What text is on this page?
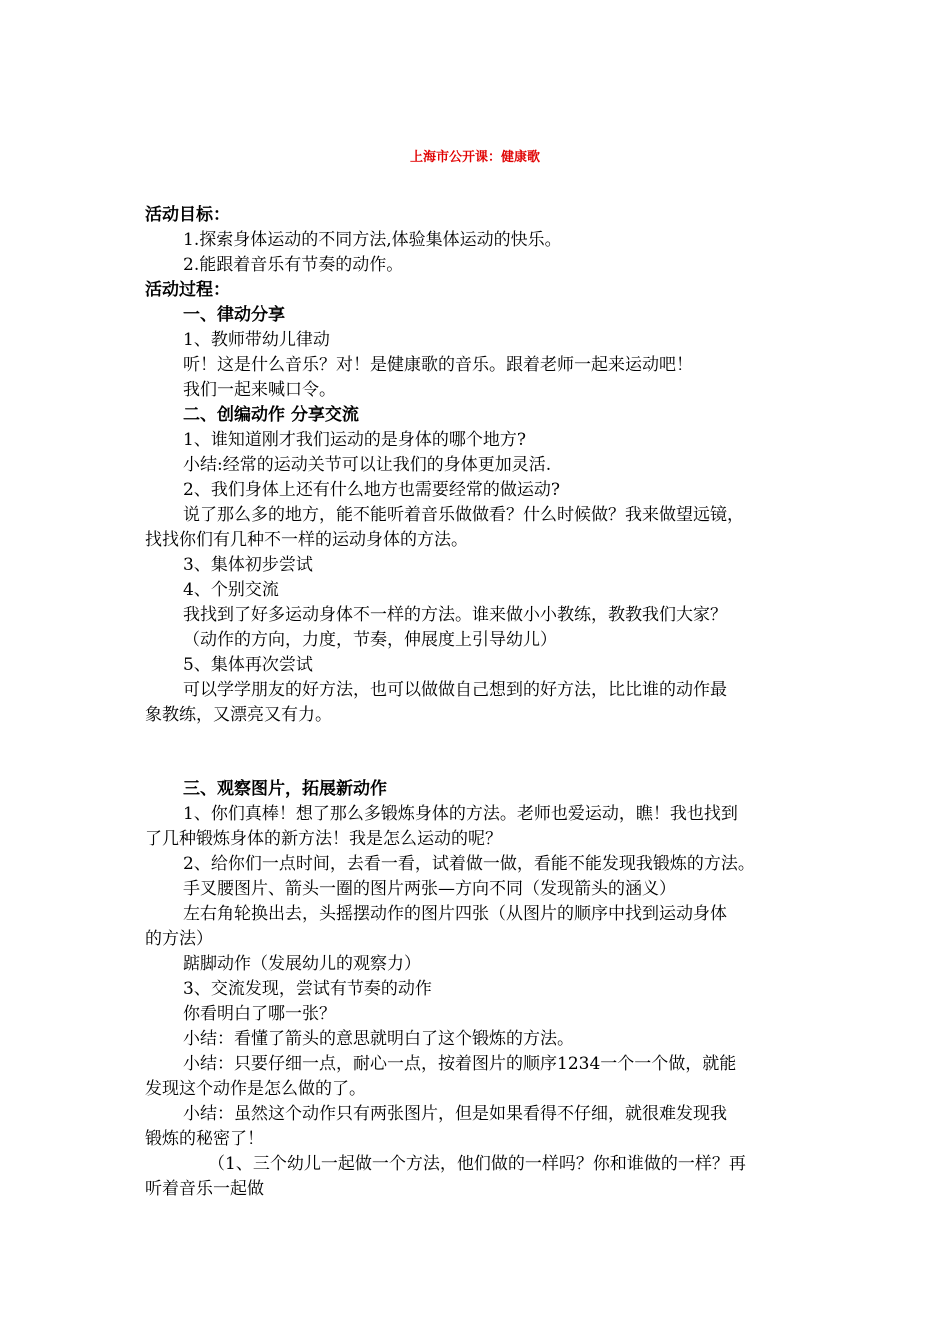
上海市公开课：健康歌
活动目标：
1.探索身体运动的不同方法,体验集体运动的快乐。
2.能跟着音乐有节奏的动作。
活动过程：
一、律动分享
1、教师带幼儿律动
听！这是什么音乐？对！是健康歌的音乐。跟着老师一起来运动吧！
我们一起来喊口令。
二、创编动作 分享交流
1、谁知道刚才我们运动的是身体的哪个地方?
小结:经常的运动关节可以让我们的身体更加灵活.
2、我们身体上还有什么地方也需要经常的做运动?
说了那么多的地方，能不能听着音乐做做看？什么时候做？我来做望远镜，
找找你们有几种不一样的运动身体的方法。
3、集体初步尝试
4、个别交流
我找到了好多运动身体不一样的方法。谁来做小小教练，教教我们大家？
（动作的方向，力度，节奏，伸展度上引导幼儿）
5、集体再次尝试
可以学学朋友的好方法，也可以做做自己想到的好方法，比比谁的动作最
象教练，又漂亮又有力。
三、观察图片，拓展新动作
1、你们真棒！想了那么多锻炼身体的方法。老师也爱运动，瞧！我也找到
了几种锻炼身体的新方法！我是怎么运动的呢？
2、给你们一点时间，去看一看，试着做一做，看能不能发现我锻炼的方法。
手叉腰图片、箭头一圈的图片两张—方向不同（发现箭头的涵义）
左右角轮换出去，头摇摆动作的图片四张（从图片的顺序中找到运动身体
的方法）
踮脚动作（发展幼儿的观察力）
3、交流发现，尝试有节奏的动作
你看明白了哪一张？
小结：看懂了箭头的意思就明白了这个锻炼的方法。
小结：只要仔细一点，耐心一点，按着图片的顺序1234一个一个做，就能
发现这个动作是怎么做的了。
小结：虽然这个动作只有两张图片，但是如果看得不仔细，就很难发现我
锻炼的秘密了！
（1、三个幼儿一起做一个方法，他们做的一样吗？你和谁做的一样？再
听着音乐一起做
